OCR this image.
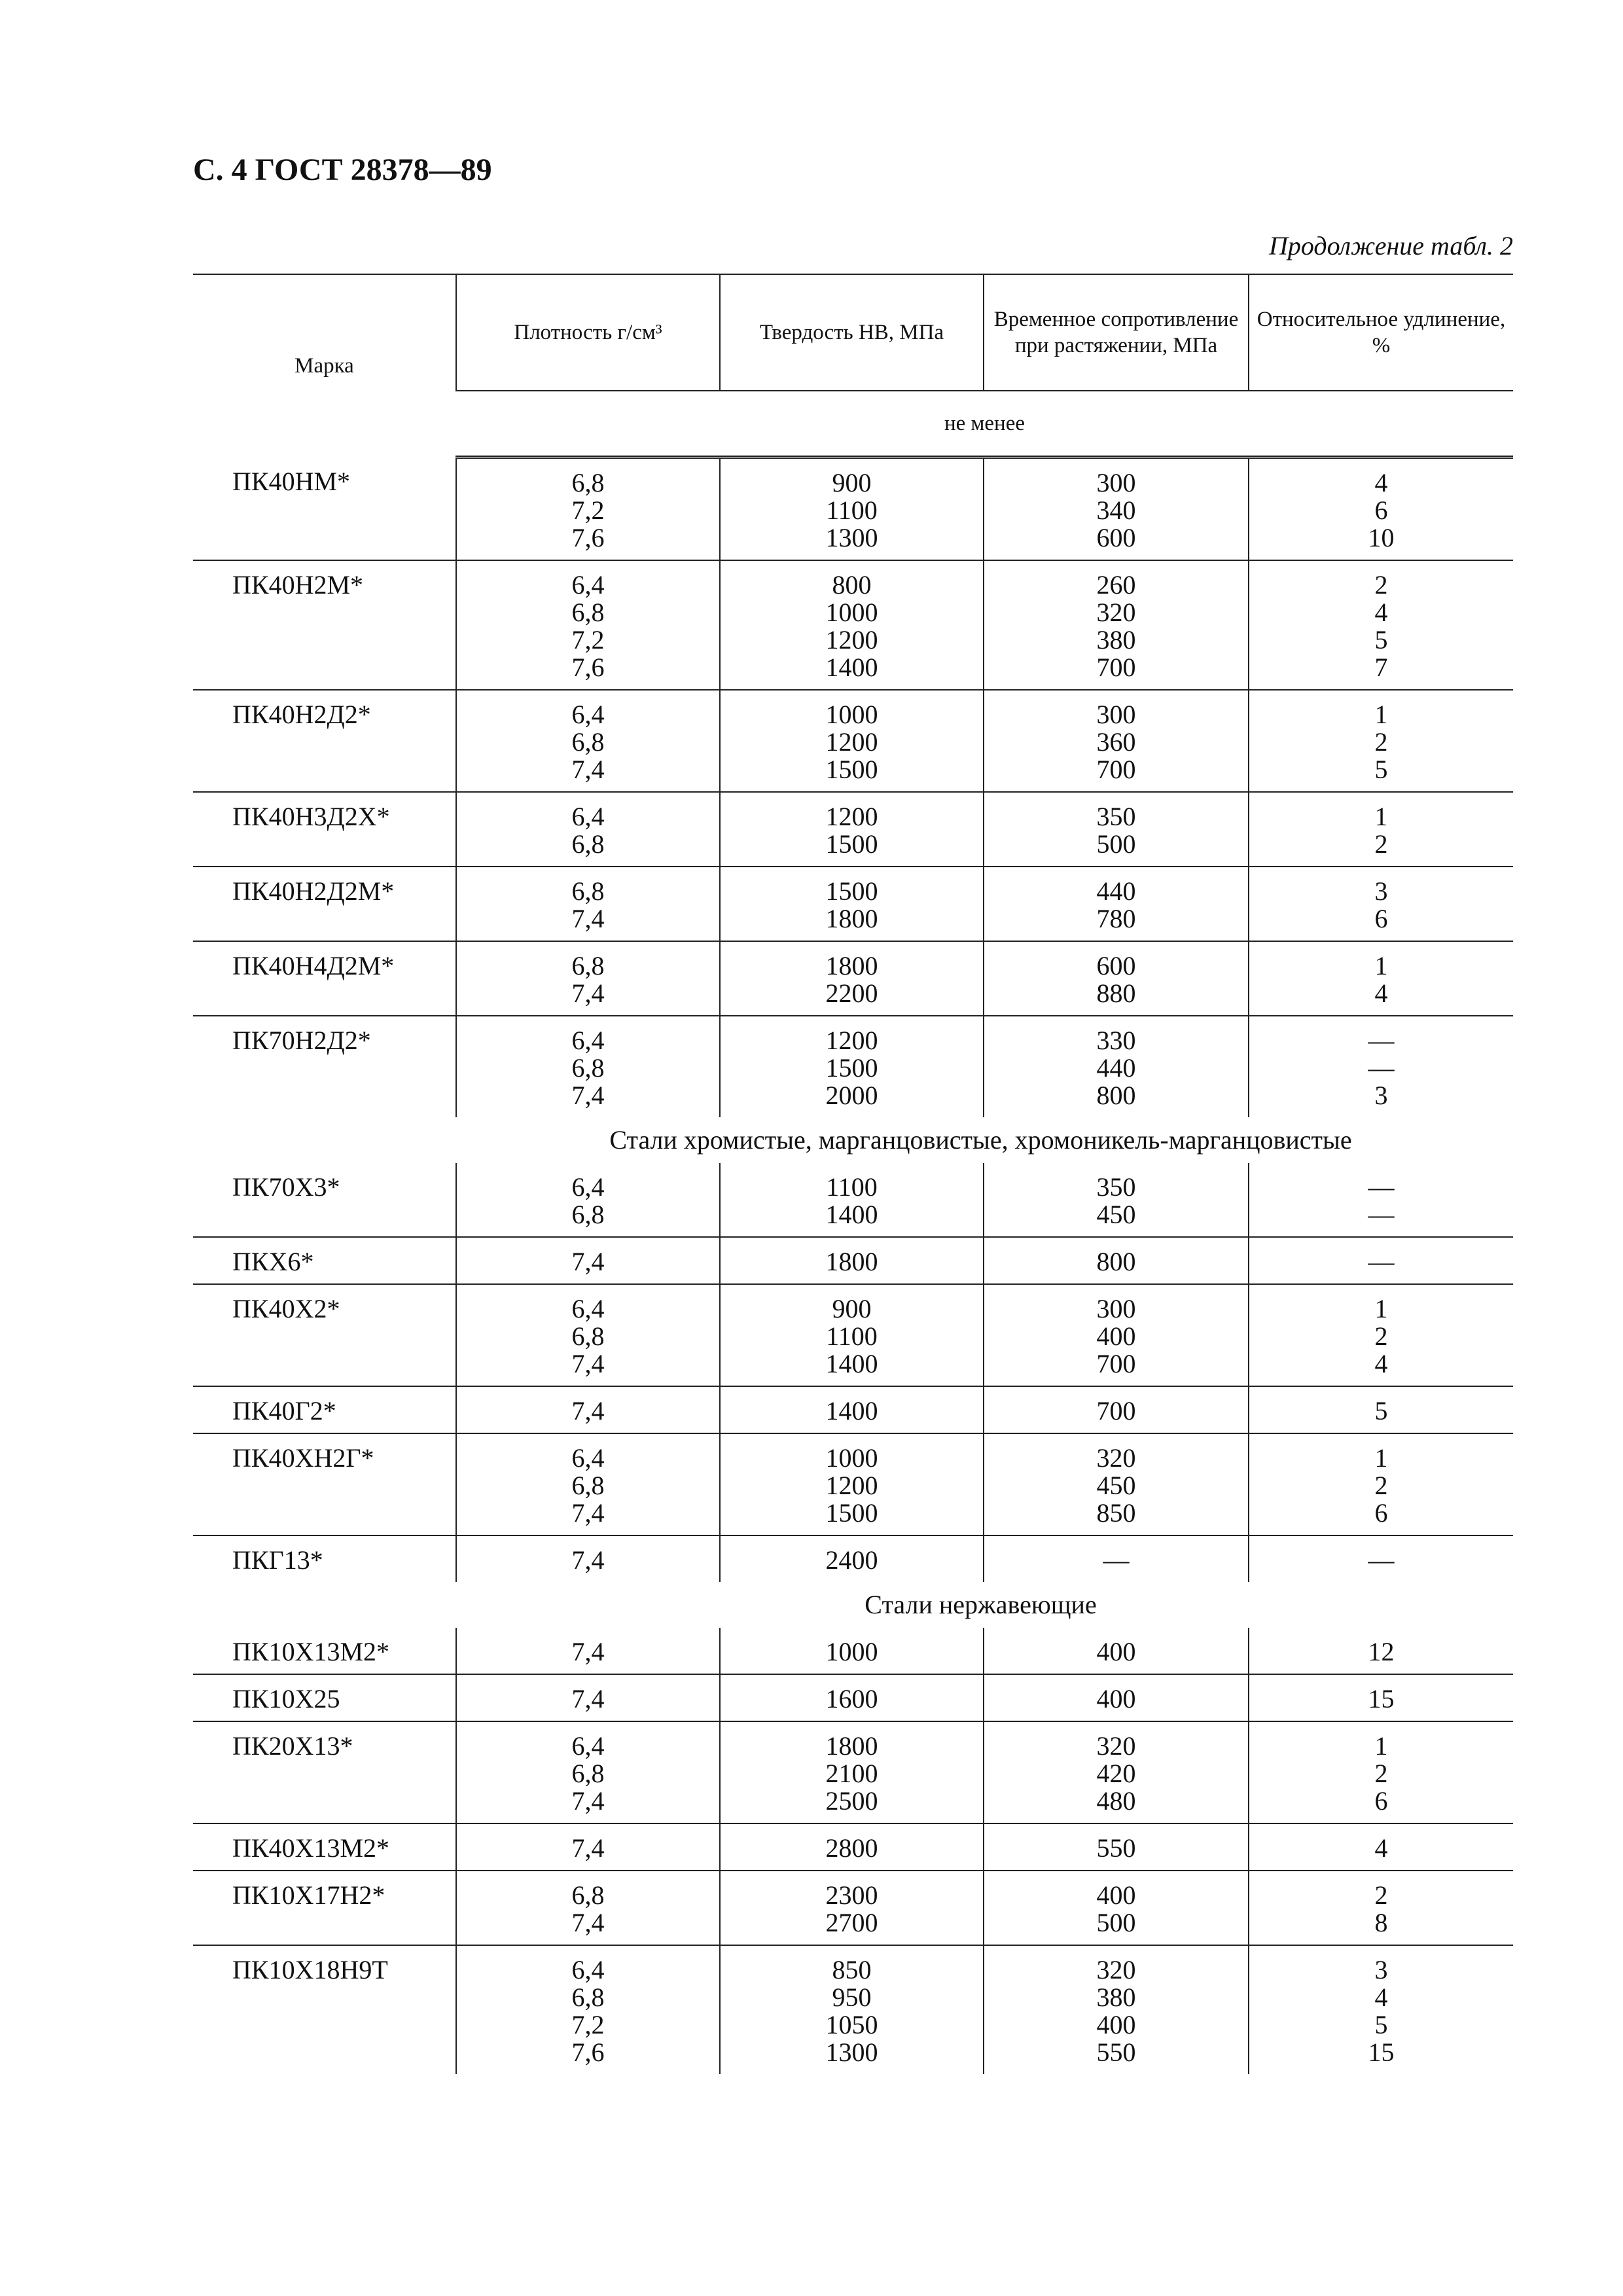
С. 4 ГОСТ 28378—89
Продолжение табл. 2
Марка	Плотность г/см³	Твердость НВ, МПа	Временное сопротивление при растяжении, МПа	Относительное удлинение, %
	не менее			
ПК40НМ*	6,8
7,2
7,6	900
1100
1300	300
340
600	4
6
10

ПК40Н2М*	6,4
6,8
7,2
7,6	800
1000
1200
1400	260
320
380
700	2
4
5
7

ПК40Н2Д2*	6,4
6,8
7,4	1000
1200
1500	300
360
700	1
2
5

ПК40Н3Д2Х*	6,4
6,8	1200
1500	350
500	1
2

ПК40Н2Д2М*	6,8
7,4	1500
1800	440
780	3
6

ПК40Н4Д2М*	6,8
7,4	1800
2200	600
880	1
4

ПК70Н2Д2*	6,4
6,8
7,4	1200
1500
2000	330
440
800	—
—
3

Стали хромистые, марганцовистые, хромоникель-марганцовистые				
ПК70Х3*	6,4
6,8	1100
1400	350
450	—
—

ПКХ6*	7,4	1800	800	—

ПК40Х2*	6,4
6,8
7,4	900
1100
1400	300
400
700	1
2
4

ПК40Г2*	7,4	1400	700	5

ПК40ХН2Г*	6,4
6,8
7,4	1000
1200
1500	320
450
850	1
2
6

ПКГ13*	7,4	2400	—	—

Стали нержавеющие				
ПК10Х13М2*	7,4	1000	400	12

ПК10Х25	7,4	1600	400	15

ПК20Х13*	6,4
6,8
7,4	1800
2100
2500	320
420
480	1
2
6

ПК40Х13М2*	7,4	2800	550	4

ПК10Х17Н2*	6,8
7,4	2300
2700	400
500	2
8

ПК10Х18Н9Т	6,4
6,8
7,2
7,6	850
950
1050
1300	320
380
400
550	3
4
5
15
